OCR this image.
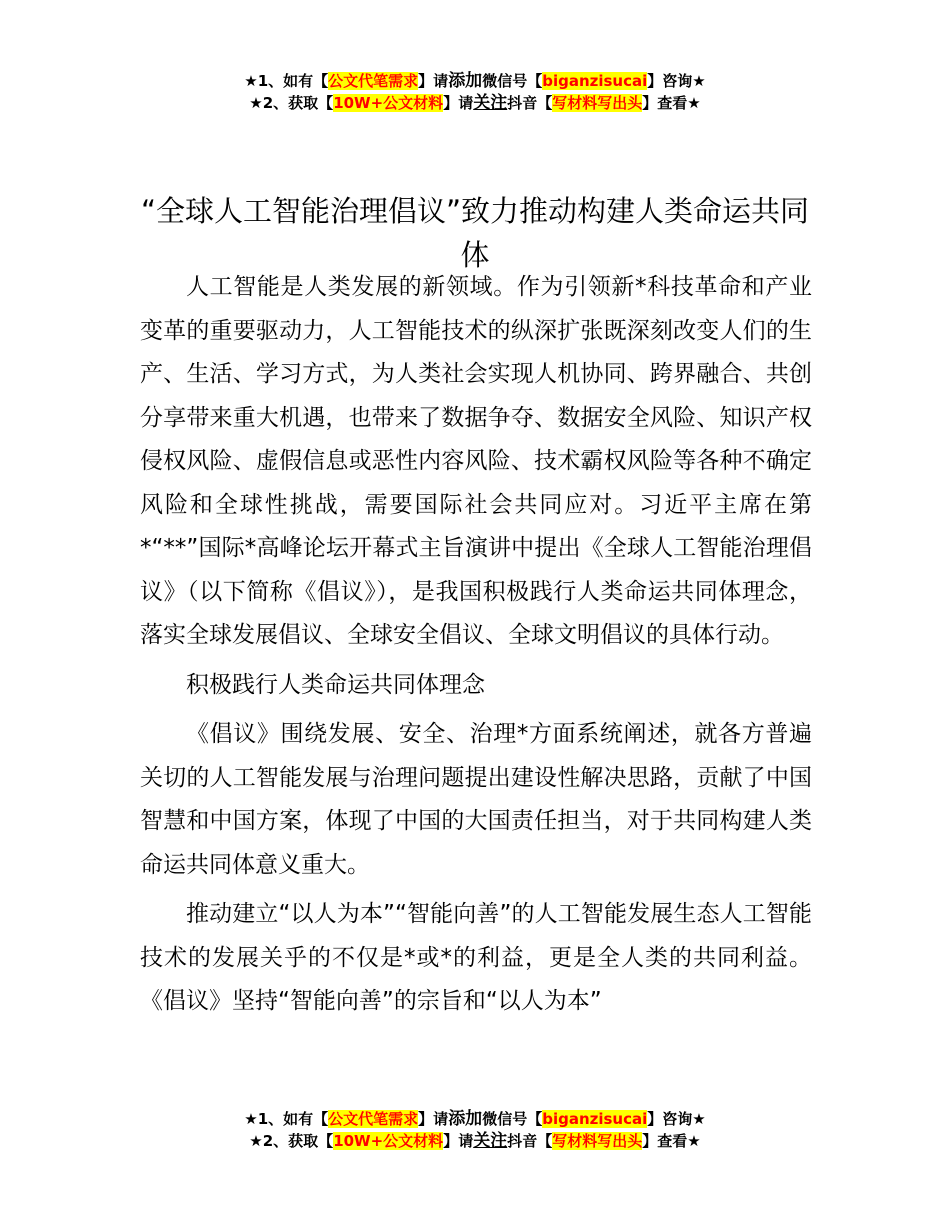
★1、如有【公文代笔需求】请添加微信号【biganzisucai】咨询★
★2、获取【10W+公文材料】请关注抖音【写材料写出头】查看★
“全球人工智能治理倡议”致力推动构建人类命运共同体

人工智能是人类发展的新领域。作为引领新*科技革命和产业变革的重要驱动力，人工智能技术的纵深扩张既深刻改变人们的生产、生活、学习方式，为人类社会实现人机协同、跨界融合、共创分享带来重大机遇，也带来了数据争夺、数据安全风险、知识产权侵权风险、虚假信息或恶性内容风险、技术霸权风险等各种不确定风险和全球性挑战，需要国际社会共同应对。习近平主席在第*“**”国际*高峰论坛开幕式主旨演讲中提出《全球人工智能治理倡议》（以下简称《倡议》），是我国积极践行人类命运共同体理念，落实全球发展倡议、全球安全倡议、全球文明倡议的具体行动。

积极践行人类命运共同体理念

《倡议》围绕发展、安全、治理*方面系统阐述，就各方普遍关切的人工智能发展与治理问题提出建设性解决思路，贡献了中国智慧和中国方案，体现了中国的大国责任担当，对于共同构建人类命运共同体意义重大。

推动建立“以人为本”“智能向善”的人工智能发展生态人工智能技术的发展关乎的不仅是*或*的利益，更是全人类的共同利益。《倡议》坚持“智能向善”的宗旨和“以人为本”

★1、如有【公文代笔需求】请添加微信号【biganzisucai】咨询★
★2、获取【10W+公文材料】请关注抖音【写材料写出头】查看★
